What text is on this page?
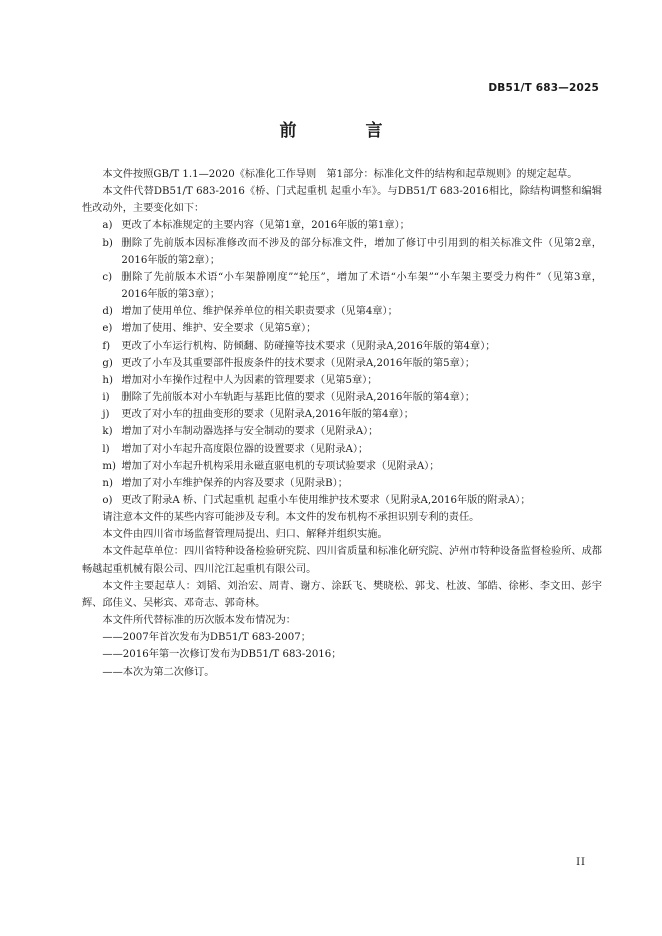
DB51/T 683—2025
前　言

本文件按照GB/T 1.1—2020《标准化工作导则　第1部分：标准化文件的结构和起草规则》的规定起草。

本文件代替DB51/T 683-2016《桥、门式起重机 起重小车》。与DB51/T 683-2016相比，除结构调整和编辑性改动外，主要变化如下：

a) 更改了本标准规定的主要内容（见第1章，2016年版的第1章）；
b) 删除了先前版本因标准修改而不涉及的部分标准文件，增加了修订中引用到的相关标准文件（见第2章，2016年版的第2章）；
c) 删除了先前版本术语“小车架静刚度”“轮压”，增加了术语“小车架”“小车架主要受力构件”（见第3章，2016年版的第3章）；
d) 增加了使用单位、维护保养单位的相关职责要求（见第4章）；
e) 增加了使用、维护、安全要求（见第5章）；
f)	更改了小车运行机构、防倾翻、防碰撞等技术要求（见附录A,2016年版的第4章）；
g) 更改了小车及其重要部件报废条件的技术要求（见附录A,2016年版的第5章）；
h) 增加对小车操作过程中人为因素的管理要求（见第5章）；
i)	删除了先前版本对小车轨距与基距比值的要求（见附录A,2016年版的第4章）；
j)	更改了对小车的扭曲变形的要求（见附录A,2016年版的第4章）；
k) 增加了对小车制动器选择与安全制动的要求（见附录A）；
l)	增加了对小车起升高度限位器的设置要求（见附录A）；
m) 增加了对小车起升机构采用永磁直驱电机的专项试验要求（见附录A）；
n) 增加了对小车维护保养的内容及要求（见附录B）；
o) 更改了附录A 桥、门式起重机 起重小车使用维护技术要求（见附录A,2016年版的附录A）；

请注意本文件的某些内容可能涉及专利。本文件的发布机构不承担识别专利的责任。

本文件由四川省市场监督管理局提出、归口、解释并组织实施。

本文件起草单位：四川省特种设备检验研究院、四川省质量和标准化研究院、泸州市特种设备监督检验所、成都畅越起重机械有限公司、四川沱江起重机有限公司。

本文件主要起草人：刘韬、刘治宏、周青、谢方、涂跃飞、樊晓松、郭戈、杜波、邹皓、徐彬、李文田、彭宇辉、邱佳义、吴彬宾、邓奇志、郭奇林。

本文件所代替标准的历次版本发布情况为：

——2007年首次发布为DB51/T 683-2007；

——2016年第一次修订发布为DB51/T 683-2016；

——本次为第二次修订。

II
